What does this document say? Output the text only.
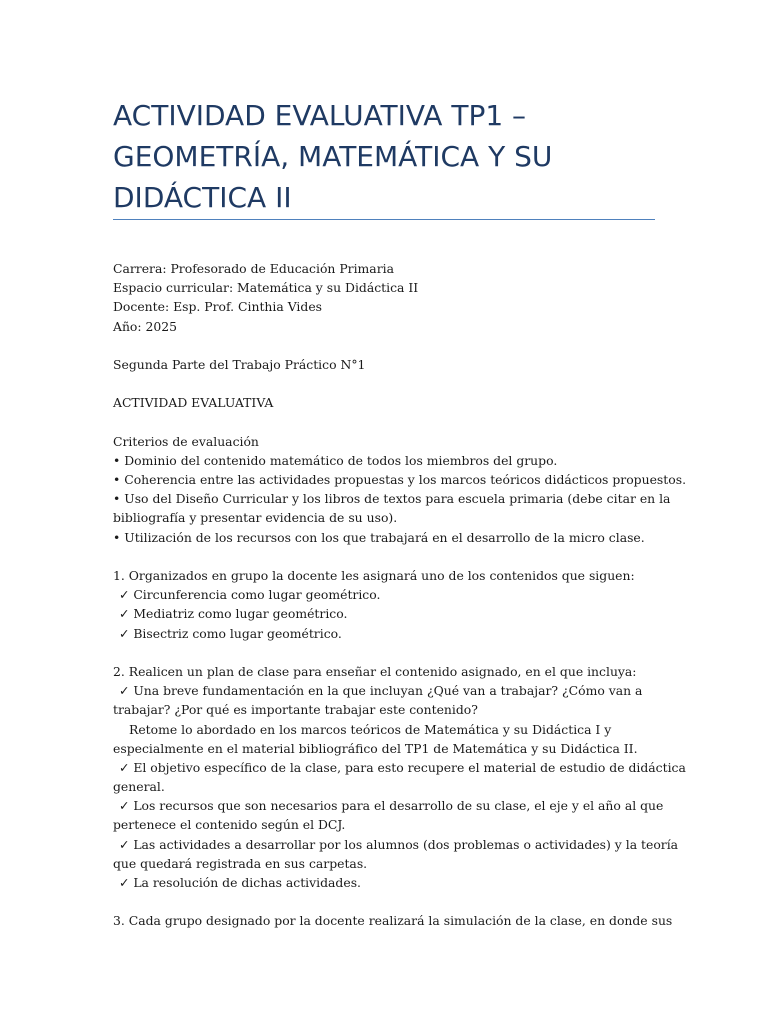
ACTIVIDAD EVALUATIVA TP1 –
GEOMETRÍA, MATEMÁTICA Y SU
DIDÁCTICA II
Carrera: Profesorado de Educación Primaria
Espacio curricular: Matemática y su Didáctica II
Docente: Esp. Prof. Cinthia Vides
Año: 2025
Segunda Parte del Trabajo Práctico N°1
ACTIVIDAD EVALUATIVA
Criterios de evaluación
• Dominio del contenido matemático de todos los miembros del grupo.
• Coherencia entre las actividades propuestas y los marcos teóricos didácticos propuestos.
• Uso del Diseño Curricular y los libros de textos para escuela primaria (debe citar en la
bibliografía y presentar evidencia de su uso).
• Utilización de los recursos con los que trabajará en el desarrollo de la micro clase.
1. Organizados en grupo la docente les asignará uno de los contenidos que siguen:
✓ Circunferencia como lugar geométrico.
✓ Mediatriz como lugar geométrico.
✓ Bisectriz como lugar geométrico.
2. Realicen un plan de clase para enseñar el contenido asignado, en el que incluya:
✓ Una breve fundamentación en la que incluyan ¿Qué van a trabajar? ¿Cómo van a
trabajar? ¿Por qué es importante trabajar este contenido?
Retome lo abordado en los marcos teóricos de Matemática y su Didáctica I y
especialmente en el material bibliográfico del TP1 de Matemática y su Didáctica II.
✓ El objetivo específico de la clase, para esto recupere el material de estudio de didáctica
general.
✓ Los recursos que son necesarios para el desarrollo de su clase, el eje y el año al que
pertenece el contenido según el DCJ.
✓ Las actividades a desarrollar por los alumnos (dos problemas o actividades) y la teoría
que quedará registrada en sus carpetas.
✓ La resolución de dichas actividades.
3. Cada grupo designado por la docente realizará la simulación de la clase, en donde sus
